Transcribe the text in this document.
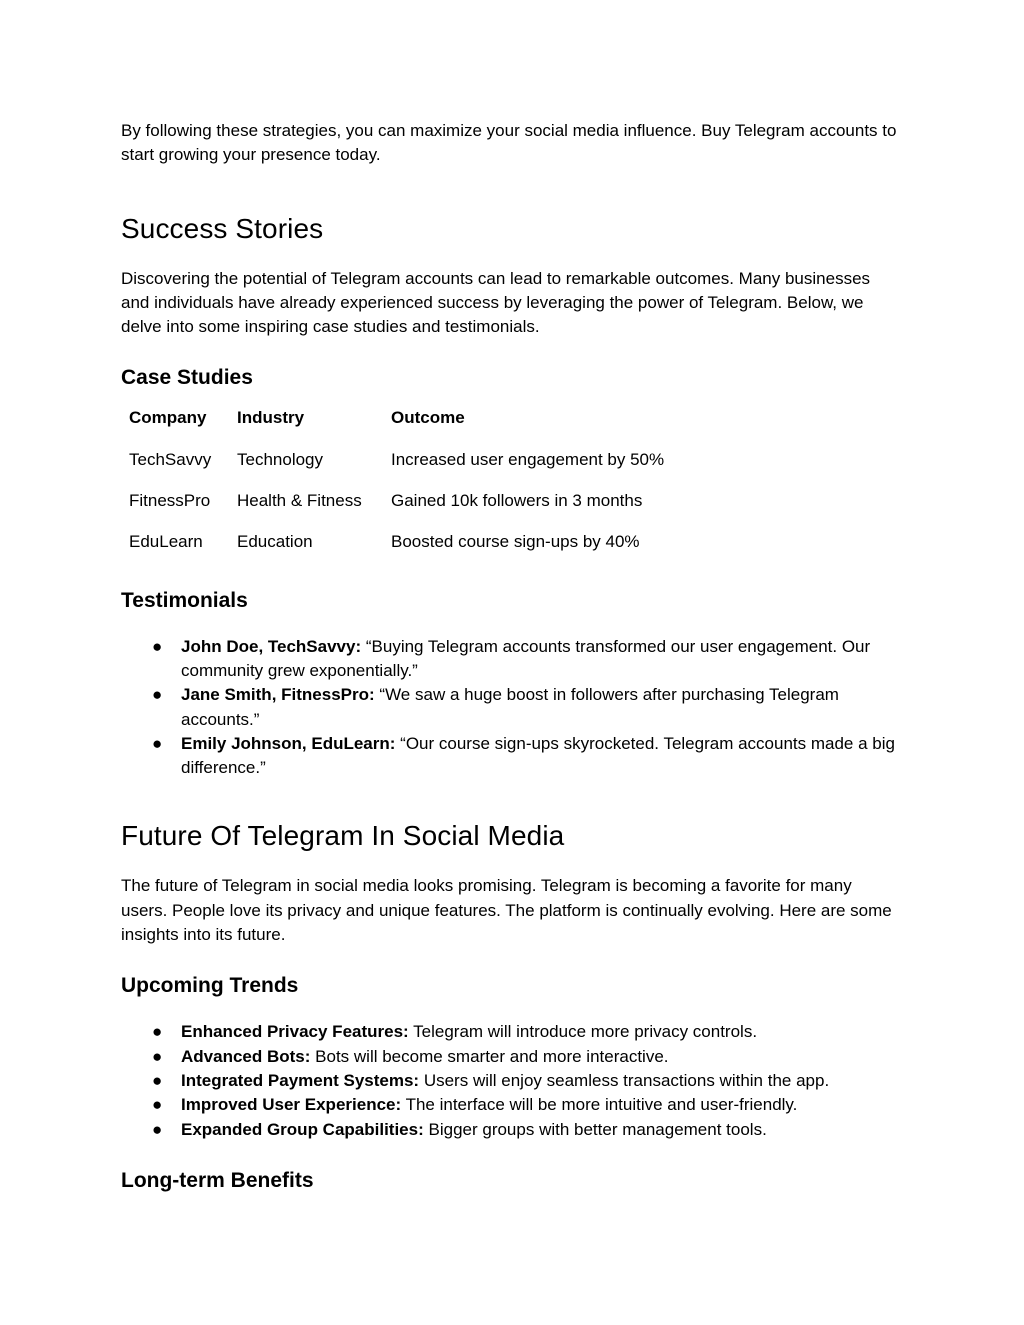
By following these strategies, you can maximize your social media influence. Buy Telegram accounts to start growing your presence today.

Success Stories

Discovering the potential of Telegram accounts can lead to remarkable outcomes. Many businesses and individuals have already experienced success by leveraging the power of Telegram. Below, we delve into some inspiring case studies and testimonials.

Case Studies
Company	Industry	Outcome
TechSavvy	Technology	Increased user engagement by 50%
FitnessPro	Health & Fitness	Gained 10k followers in 3 months
EduLearn	Education	Boosted course sign-ups by 40%
Testimonials
● John Doe, TechSavvy: “Buying Telegram accounts transformed our user engagement. Our community grew exponentially.”
● Jane Smith, FitnessPro: “We saw a huge boost in followers after purchasing Telegram accounts.”
● Emily Johnson, EduLearn: “Our course sign-ups skyrocketed. Telegram accounts made a big difference.”
Future Of Telegram In Social Media

The future of Telegram in social media looks promising. Telegram is becoming a favorite for many users. People love its privacy and unique features. The platform is continually evolving. Here are some insights into its future.

Upcoming Trends
● Enhanced Privacy Features: Telegram will introduce more privacy controls.
● Advanced Bots: Bots will become smarter and more interactive.
● Integrated Payment Systems: Users will enjoy seamless transactions within the app.
● Improved User Experience: The interface will be more intuitive and user-friendly.
● Expanded Group Capabilities: Bigger groups with better management tools.
Long-term Benefits
